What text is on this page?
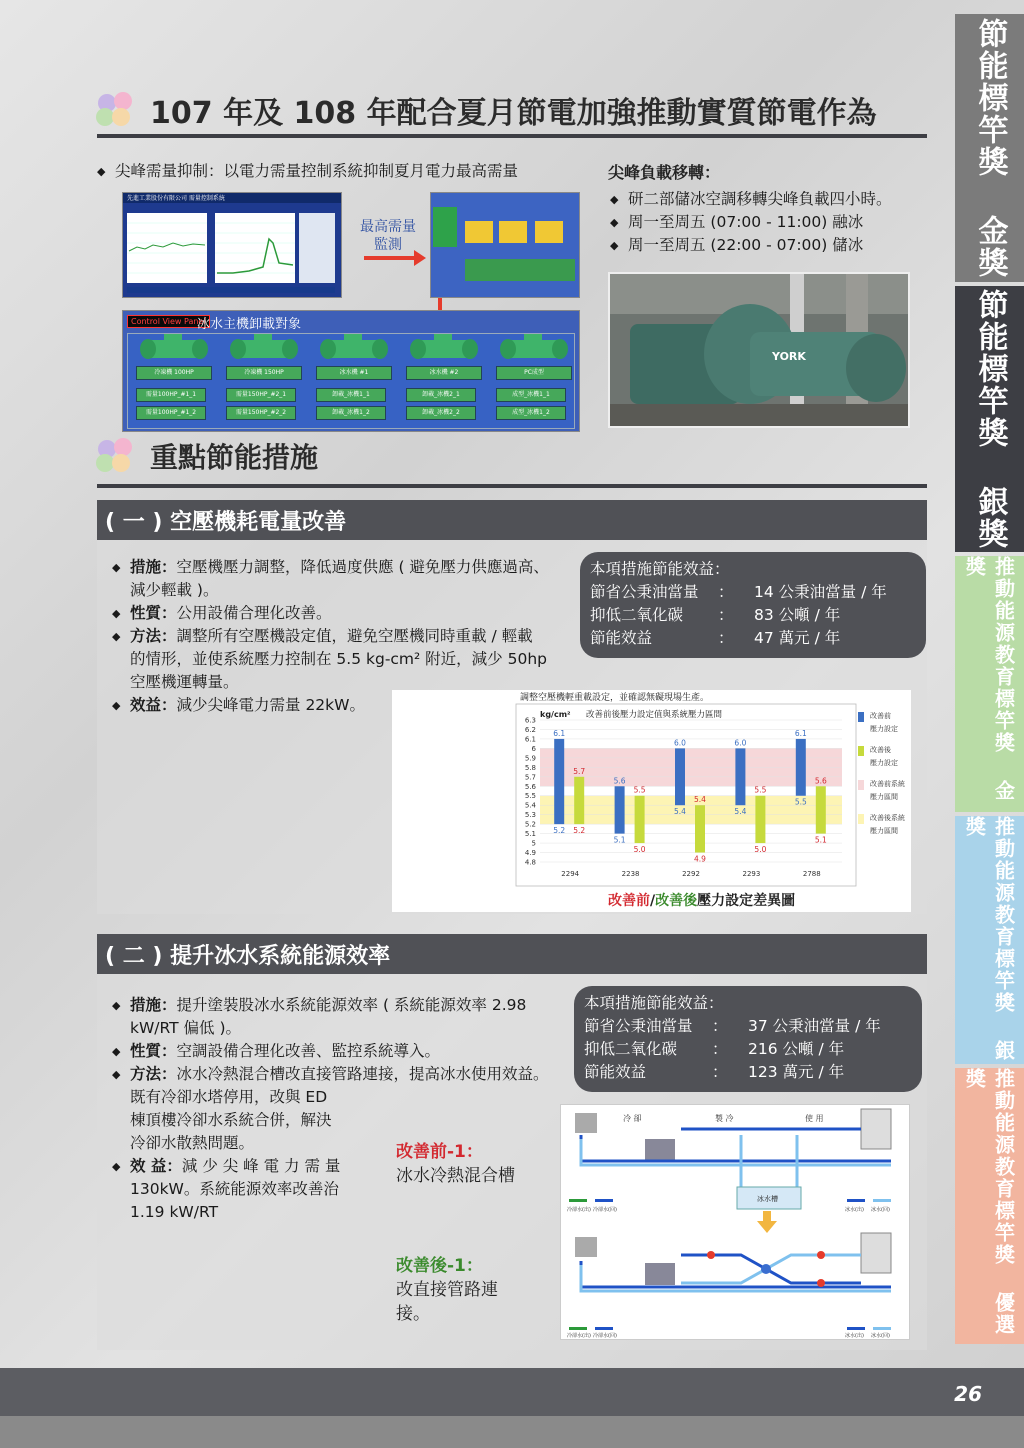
節能標竿獎 金獎
節能標竿獎 銀獎
推動能源教育標竿獎 金獎
推動能源教育標竿獎 銀獎
推動能源教育標竿獎 優選獎
107 年及 108 年配合夏月節電加強推動實質節電作為
◆ 尖峰需量抑制：以電力需量控制系統抑制夏月電力最高需量
先進工業股份有限公司 需量控制系統
最高需量
監測
Control View Panel
冰水主機卸載對象
冷凍機 100HP
需量100HP_#1_1
需量100HP_#1_2
冷凍機 150HP
需量150HP_#2_1
需量150HP_#2_2
冰水機 #1
卸載_冰機1_1
卸載_冰機1_2
冰水機 #2
卸載_冰機2_1
卸載_冰機2_2
PC成型
成型_冰機1_1
成型_冰機1_2
尖峰負載移轉：
◆ 研二部儲冰空調移轉尖峰負載四小時。
◆ 周一至周五 (07:00 - 11:00) 融冰
◆ 周一至周五 (22:00 - 07:00) 儲冰
YORK
重點節能措施
( 一 ) 空壓機耗電量改善
◆ 措施：空壓機壓力調整，降低過度供應 ( 避免壓力供應過高、
減少輕載 )。
◆ 性質：公用設備合理化改善。
◆ 方法：調整所有空壓機設定值，避免空壓機同時重載 / 輕載
的情形，並使系統壓力控制在 5.5 kg-cm² 附近，減少 50hp
空壓機運轉量。
◆ 效益：減少尖峰電力需量 22kW。
本項措施節能效益：
節省公秉油當量	：	14 公秉油當量 / 年
抑低二氧化碳	：	83 公噸 / 年
節能效益	：	47 萬元 / 年
調整空壓機輕重載設定，並確認無礙現場生產。
kg/cm² 改善前後壓力設定值與系統壓力區間
6.3
6.2
6.1
6
5.9
5.8
5.7
5.6
5.5
5.4
5.3
5.2
5.1
5
4.9
4.8
6.1
5.2
5.7
5.2
2294
5.6
5.1
5.5
5.0
2238
6.0
5.4
5.4
4.9
2292
6.0
5.4
5.5
5.0
2293
6.1
5.5
5.6
5.1
2788
改善前
壓力設定
改善後
壓力設定
改善前系統
壓力區間
改善後系統
壓力區間
改善前/改善後壓力設定差異圖
( 二 ) 提升冰水系統能源效率
◆ 措施：提升塗裝股冰水系統能源效率 ( 系統能源效率 2.98
kW/RT 偏低 )。
◆ 性質：空調設備合理化改善、監控系統導入。
◆ 方法：冰水冷熱混合槽改直接管路連接，提高冰水使用效益。
既有冷卻水塔停用，改與 ED
棟頂樓冷卻水系統合併，解決
冷卻水散熱問題。
◆ 效 益：減 少 尖 峰 電 力 需 量
130kW。系統能源效率改善治
1.19 kW/RT
本項措施節能效益：
節省公秉油當量	：	37 公秉油當量 / 年
抑低二氧化碳	：	216 公噸 / 年
節能效益	：	123 萬元 / 年
改善前-1：
冰水冷熱混合槽
改善後-1：
改直接管路連
接。
冷 卻	製 冷	使 用
冰水槽
冷卻水(出) 冷卻水(回)	冰水(出) 冰水(回)
冷卻水(出) 冷卻水(回)	冰水(出) 冰水(回)
26
